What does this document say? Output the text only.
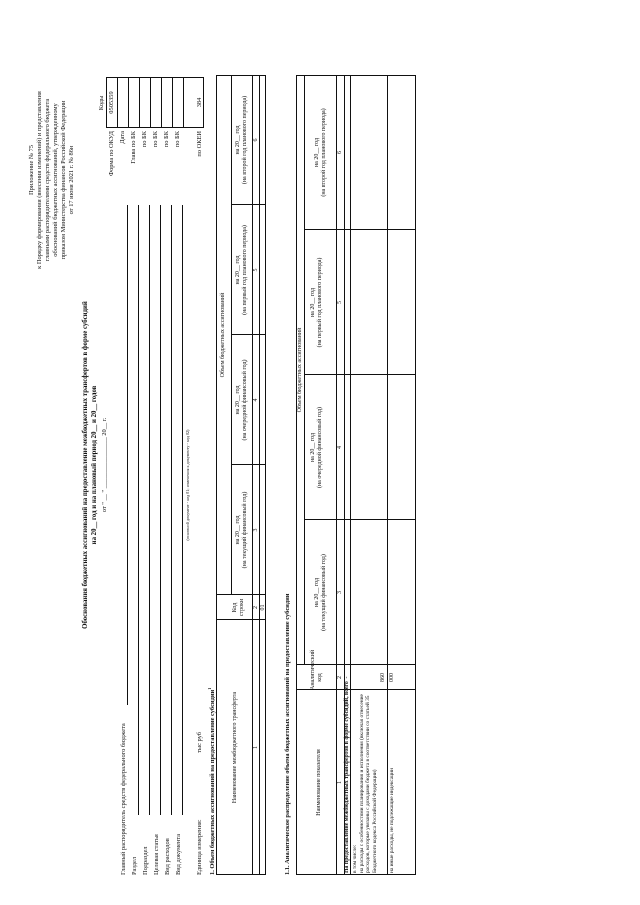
Приложение № 75 к Порядку формирования (внесения изменений) и представления главными распорядителями средств федерального бюджета обоснований бюджетных ассигнований, утвержденному приказом Министерства финансов Российской Федерации от 17 июня 2021 г. № 86н
Обоснования бюджетных ассигнований на предоставление межбюджетных трансфертов в форме субсидий на 20__ год и на плановый период 20__ и 20__ годов от " __ " ________________ 20__ г.
Коды
Форма по ОКУД
0505359
Дата Глава по БК по БК по БК по БК по БК по ОКЕИ
384
Главный распорядитель средств федерального бюджета Раздел Подраздел Целевая статья Вид расходов Вид документа
(основной документ - код 01; изменения к документу - код 02)
Единица измерения:
тыс руб 1. Объем бюджетных ассигнований на предоставление субсидии$^1$
Наименование межбюджетного трансферта
Код строки
Объем бюджетных ассигнований
на 20__ год (на текущий финансовый год)
на 20__ год (на очередной финансовый год)
на 20__ год (на первый год планового периода)
на 20__ год (на второй год планового периода)
1
2
3
4
5
6
01	1.1. Аналитическое распределение объема бюджетных ассигнований на предоставление субсидии	Наименование показателя
Аналитический код
Объем бюджетных ассигнований
на 20__ год (на текущий финансовый год)
на 20__ год (на очередной финансовый год)
на 20__ год (на первый год планового периода)
на 20__ год (на второй год планового периода)
1
2
3
4
5
6
На предоставление межбюджетных трансфертов в форме субсидий, всего
-
в том числе: на расходы с особенностями планирования и исполнения (включая отнесение расходов, которые увязаны с доходами бюджета в соответствии со статьей 35 Бюджетного кодекса Российской Федерации)
860
на иные расходы, не подлежащие индексации
000
